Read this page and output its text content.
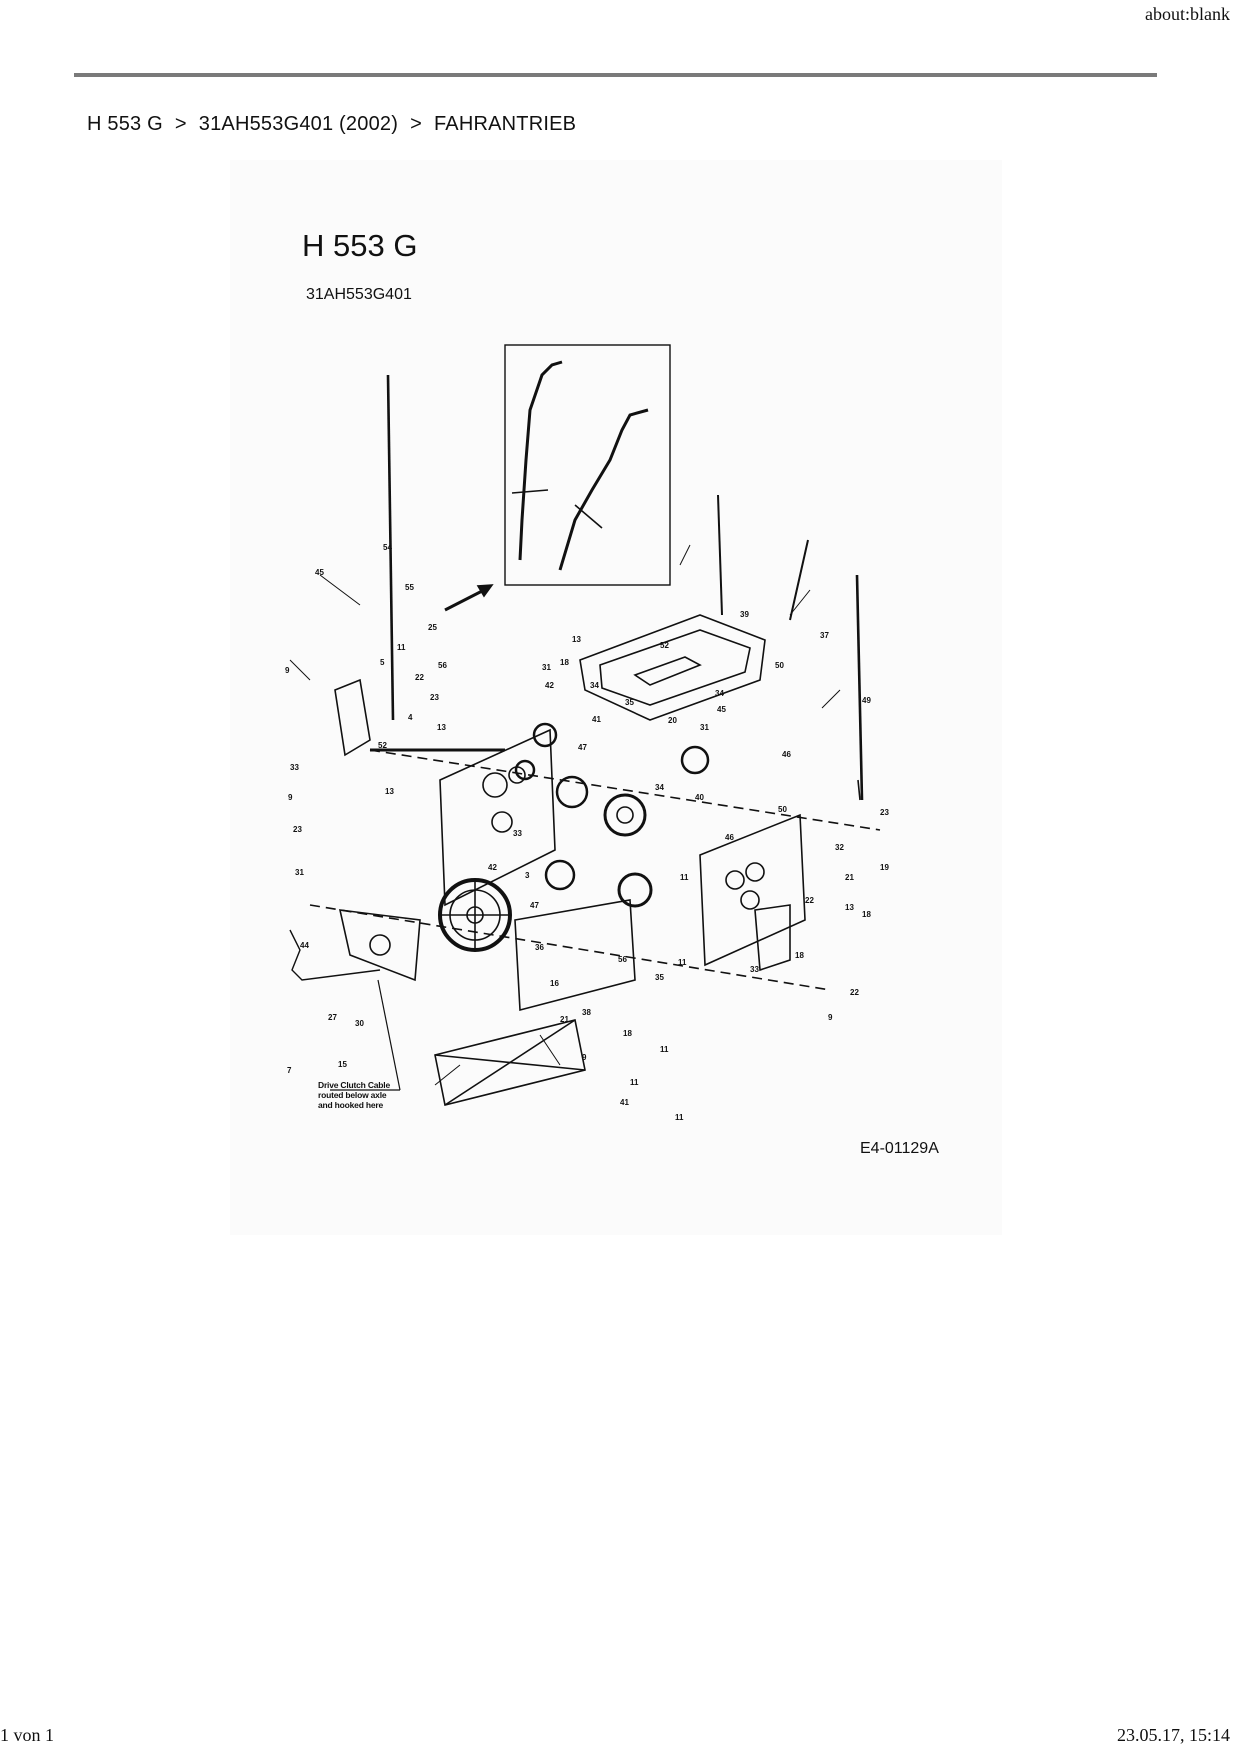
about:blank
H 553 G > 31AH553G401 (2002) > FAHRANTRIEB
H 553 G
31AH553G401
45
54
55
11
22
9
33
9
23
31
44
27
30
15
7
52
13
4
23
56
25
13
13
3
47
36
16
21
38
35
11
46
45
34
11
33
18
22
9
21
13
22
18
32
19
23
46
50
39
50
37
49
31
52
20
31
18
42	34
41
47
35
34
40
33
42
5
11
41
11
56
11
18
9
Drive Clutch Cable
routed below axle
and hooked here
E4-01129A
1 von 1	23.05.17, 15:14
